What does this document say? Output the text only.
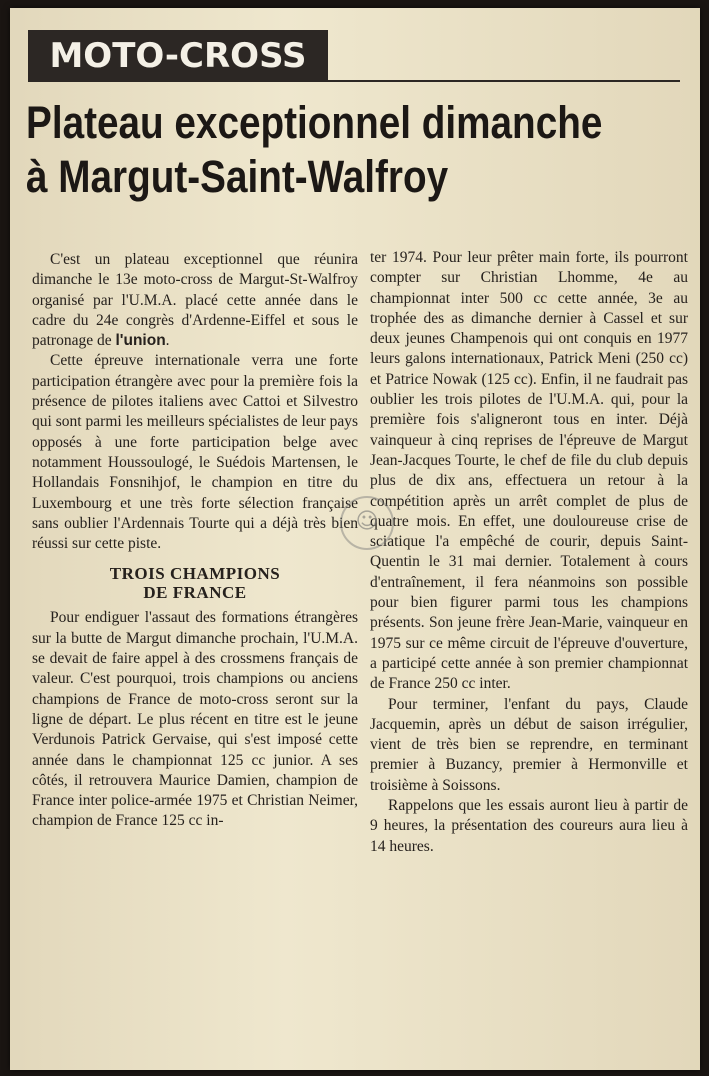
MOTO-CROSS
Plateau exceptionnel dimanche
à Margut-Saint-Walfroy

C'est un plateau exceptionnel que réunira dimanche le 13e moto-cross de Margut-St-Walfroy organisé par l'U.M.A. placé cette année dans le cadre du 24e congrès d'Ardenne-Eiffel et sous le patronage de l'union.

Cette épreuve internationale verra une forte participation étrangère avec pour la première fois la présence de pilotes italiens avec Cattoi et Silvestro qui sont parmi les meilleurs spécialistes de leur pays opposés à une forte participation belge avec notamment Houssoulogé, le Suédois Martensen, le Hollandais Fonsnihjof, le champion en titre du Luxembourg et une très forte sélection française sans oublier l'Ardennais Tourte qui a déjà très bien réussi sur cette piste.

TROIS CHAMPIONS
DE FRANCE

Pour endiguer l'assaut des formations étrangères sur la butte de Margut dimanche prochain, l'U.M.A. se devait de faire appel à des crossmens français de valeur. C'est pourquoi, trois champions ou anciens champions de France de moto-cross seront sur la ligne de départ. Le plus récent en titre est le jeune Verdunois Patrick Gervaise, qui s'est imposé cette année dans le championnat 125 cc junior. A ses côtés, il retrouvera Maurice Damien, champion de France inter police-armée 1975 et Christian Neimer, champion de France 125 cc in-

ter 1974. Pour leur prêter main forte, ils pourront compter sur Christian Lhomme, 4e au championnat inter 500 cc cette année, 3e au trophée des as dimanche dernier à Cassel et sur deux jeunes Champenois qui ont conquis en 1977 leurs galons internationaux, Patrick Meni (250 cc) et Patrice Nowak (125 cc). Enfin, il ne faudrait pas oublier les trois pilotes de l'U.M.A. qui, pour la première fois s'aligneront tous en inter. Déjà vainqueur à cinq reprises de l'épreuve de Margut Jean-Jacques Tourte, le chef de file du club depuis plus de dix ans, effectuera un retour à la compétition après un arrêt complet de plus de quatre mois. En effet, une douloureuse crise de sciatique l'a empêché de courir, depuis Saint-Quentin le 31 mai dernier. Totalement à cours d'entraînement, il fera néanmoins son possible pour bien figurer parmi tous les champions présents. Son jeune frère Jean-Marie, vainqueur en 1975 sur ce même circuit de l'épreuve d'ouverture, a participé cette année à son premier championnat de France 250 cc inter.

Pour terminer, l'enfant du pays, Claude Jacquemin, après un début de saison irrégulier, vient de très bien se reprendre, en terminant premier à Buzancy, premier à Hermonville et troisième à Soissons.

Rappelons que les essais auront lieu à partir de 9 heures, la présentation des coureurs aura lieu à 14 heures.

☺
